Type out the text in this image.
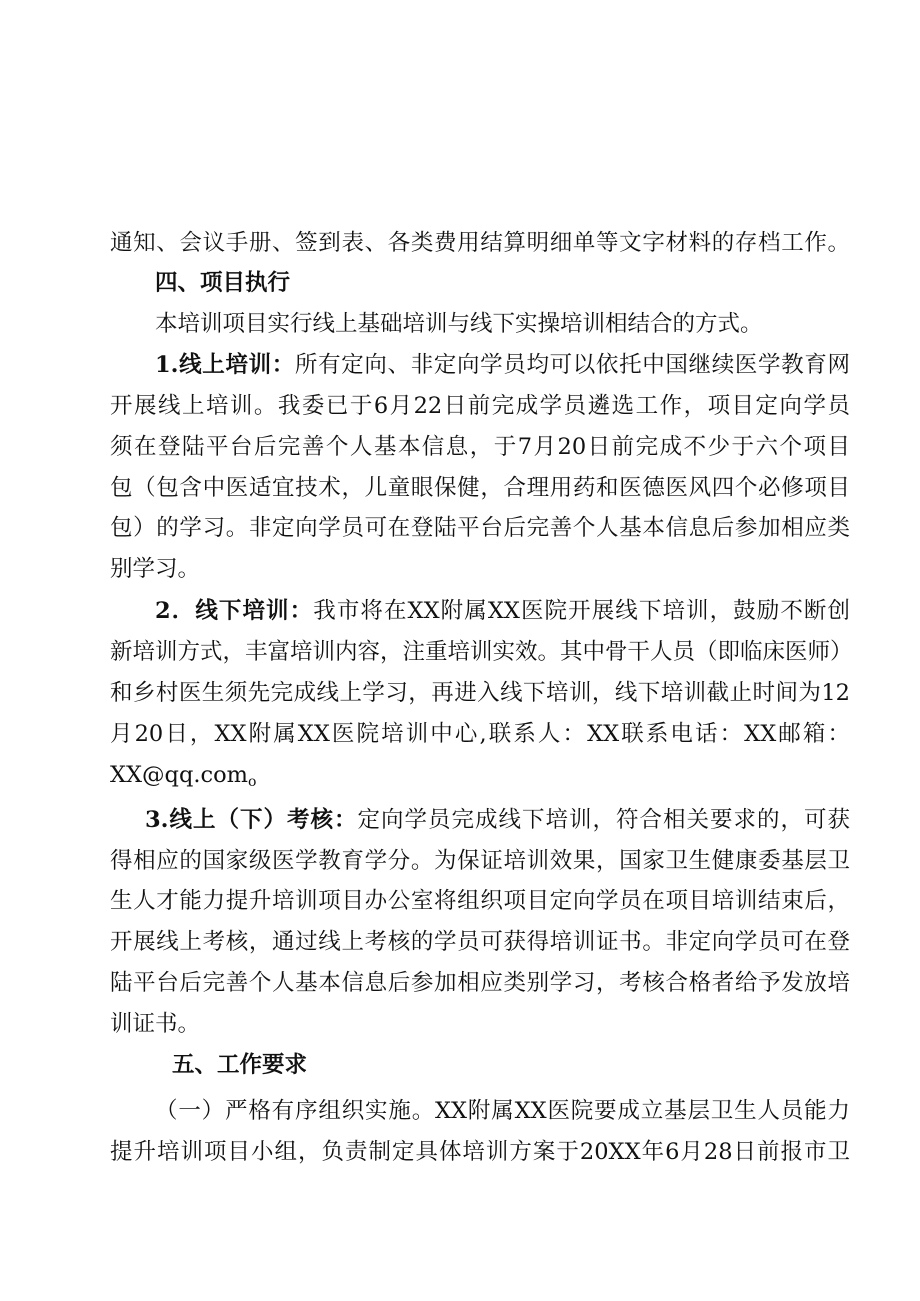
通知、会议手册、签到表、各类费用结算明细单等文字材料的存档工作。
四、项目执行
本培训项目实行线上基础培训与线下实操培训相结合的方式。
1.线上培训：所有定向、非定向学员均可以依托中国继续医学教育网
开展线上培训。我委已于6月22日前完成学员遴选工作，项目定向学员
须在登陆平台后完善个人基本信息，于7月20日前完成不少于六个项目
包（包含中医适宜技术，儿童眼保健，合理用药和医德医风四个必修项目
包）的学习。非定向学员可在登陆平台后完善个人基本信息后参加相应类
别学习。
2．线下培训：我市将在XX附属XX医院开展线下培训，鼓励不断创
新培训方式，丰富培训内容，注重培训实效。其中骨干人员（即临床医师）
和乡村医生须先完成线上学习，再进入线下培训，线下培训截止时间为12
月20日，XX附属XX医院培训中心,联系人：XX联系电话：XX邮箱：
XX@qq.com$_o$
3.线上（下）考核：定向学员完成线下培训，符合相关要求的，可获
得相应的国家级医学教育学分。为保证培训效果，国家卫生健康委基层卫
生人才能力提升培训项目办公室将组织项目定向学员在项目培训结束后，
开展线上考核，通过线上考核的学员可获得培训证书。非定向学员可在登
陆平台后完善个人基本信息后参加相应类别学习，考核合格者给予发放培
训证书。
五、工作要求
（一）严格有序组织实施。XX附属XX医院要成立基层卫生人员能力
提升培训项目小组，负责制定具体培训方案于20XX年6月28日前报市卫
